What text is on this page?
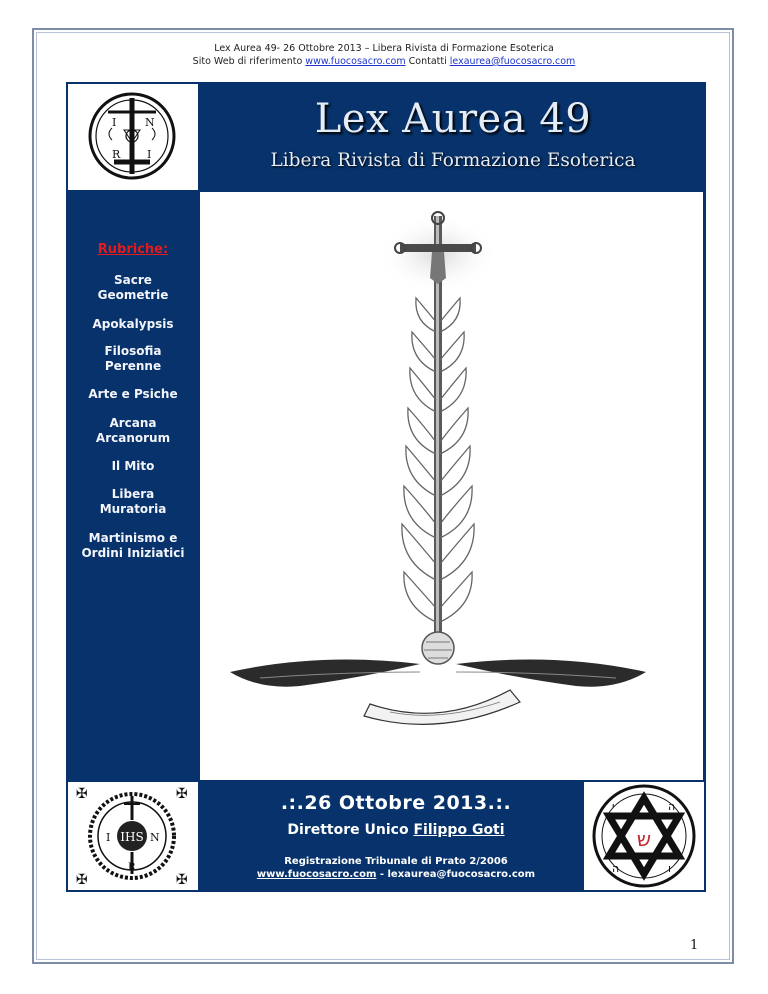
Lex Aurea 49- 26 Ottobre 2013 – Libera Rivista di Formazione Esoterica
Sito Web di riferimento www.fuocosacro.com Contatti lexaurea@fuocosacro.com
I	N
R I
Lex Aurea 49
Libera Rivista di Formazione Esoterica
Rubriche:
Sacre
Geometrie
Apokalypsis
Filosofia
Perenne
Arte e Psiche
Arcana
Arcanorum
Il Mito
Libera
Muratoria
Martinismo e
Ordini Iniziatici
IHS
I	N
R
✠	✠
✠	✠
.:.26 Ottobre 2013.:.
Direttore Unico Filippo Goti
Registrazione Tribunale di Prato 2/2006
www.fuocosacro.com - lexaurea@fuocosacro.com
ש
י	ה
ה	ו
1
